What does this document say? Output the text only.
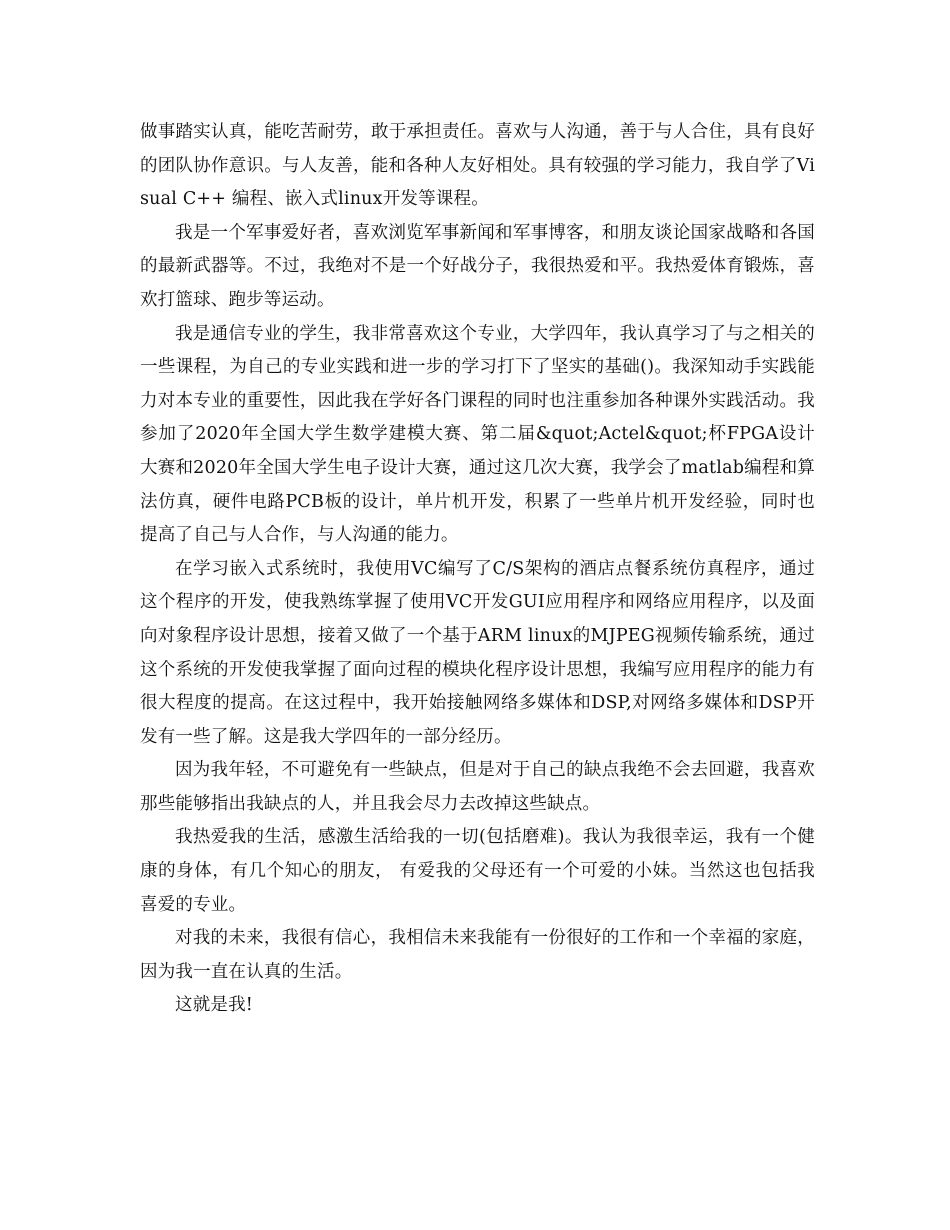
做事踏实认真，能吃苦耐劳，敢于承担责任。喜欢与人沟通，善于与人合住，具有良好的团队协作意识。与人友善，能和各种人友好相处。具有较强的学习能力，我自学了Visual C++ 编程、嵌入式linux开发等课程。

我是一个军事爱好者，喜欢浏览军事新闻和军事博客，和朋友谈论国家战略和各国的最新武器等。不过，我绝对不是一个好战分子，我很热爱和平。我热爱体育锻炼，喜欢打篮球、跑步等运动。

我是通信专业的学生，我非常喜欢这个专业，大学四年，我认真学习了与之相关的一些课程，为自己的专业实践和进一步的学习打下了坚实的基础()。我深知动手实践能力对本专业的重要性，因此我在学好各门课程的同时也注重参加各种课外实践活动。我参加了2020年全国大学生数学建模大赛、第二届&quot;Actel&quot;杯FPGA设计大赛和2020年全国大学生电子设计大赛，通过这几次大赛，我学会了matlab编程和算法仿真，硬件电路PCB板的设计，单片机开发，积累了一些单片机开发经验，同时也提高了自己与人合作，与人沟通的能力。

在学习嵌入式系统时，我使用VC编写了C/S架构的酒店点餐系统仿真程序，通过这个程序的开发，使我熟练掌握了使用VC开发GUI应用程序和网络应用程序，以及面向对象程序设计思想，接着又做了一个基于ARM linux的MJPEG视频传输系统，通过这个系统的开发使我掌握了面向过程的模块化程序设计思想，我编写应用程序的能力有很大程度的提高。在这过程中，我开始接触网络多媒体和DSP,对网络多媒体和DSP开发有一些了解。这是我大学四年的一部分经历。

因为我年轻，不可避免有一些缺点，但是对于自己的缺点我绝不会去回避，我喜欢那些能够指出我缺点的人，并且我会尽力去改掉这些缺点。

我热爱我的生活，感激生活给我的一切(包括磨难)。我认为我很幸运，我有一个健康的身体，有几个知心的朋友， 有爱我的父母还有一个可爱的小妹。当然这也包括我喜爱的专业。

对我的未来，我很有信心，我相信未来我能有一份很好的工作和一个幸福的家庭，因为我一直在认真的生活。

这就是我!
